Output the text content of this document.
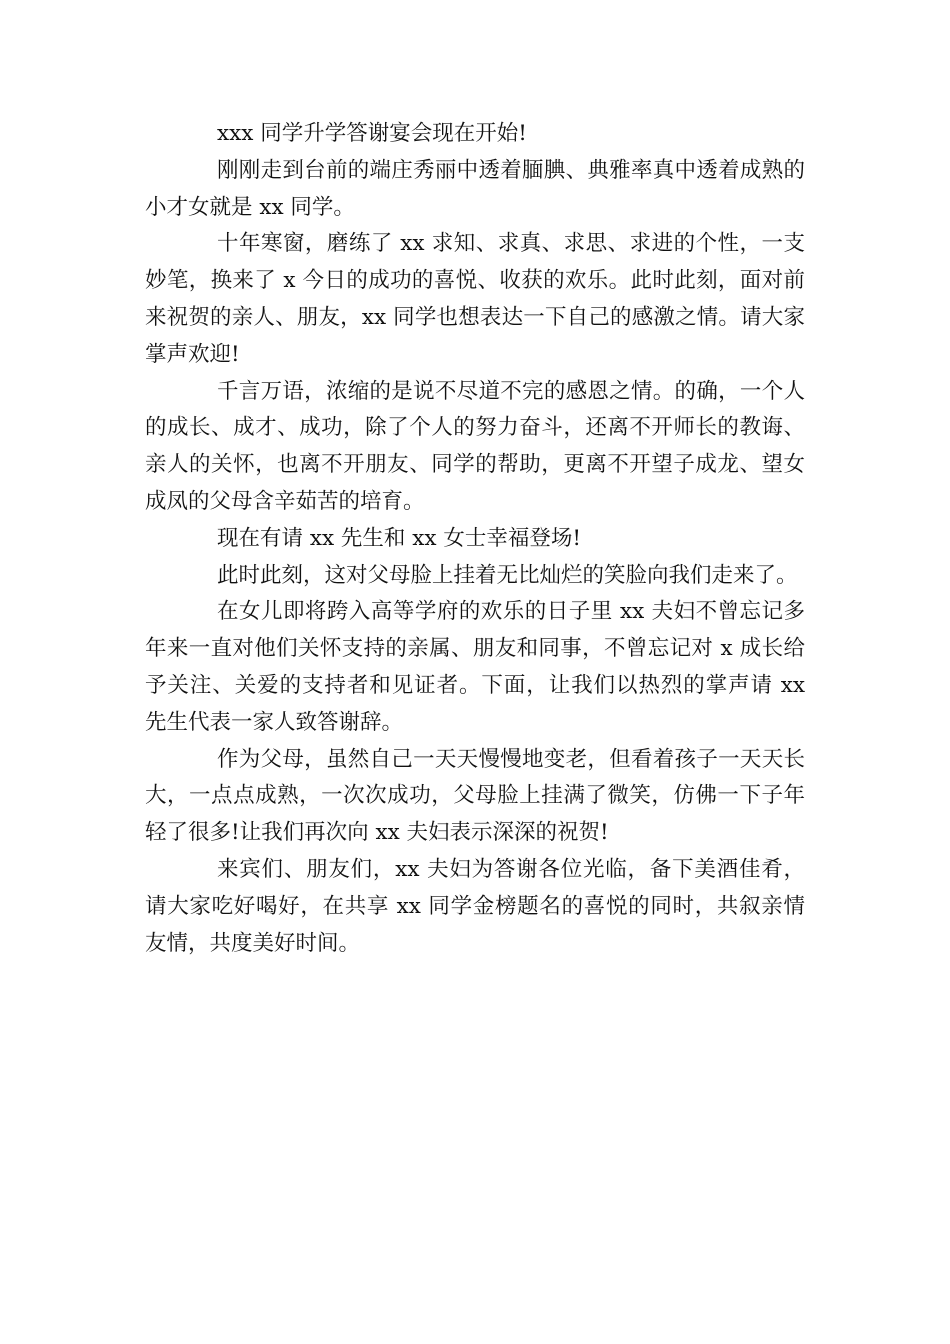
xxx 同学升学答谢宴会现在开始!

刚刚走到台前的端庄秀丽中透着腼腆、典雅率真中透着成熟的小才女就是 xx 同学。

十年寒窗，磨练了 xx 求知、求真、求思、求进的个性，一支妙笔，换来了 x 今日的成功的喜悦、收获的欢乐。此时此刻，面对前来祝贺的亲人、朋友，xx 同学也想表达一下自己的感激之情。请大家掌声欢迎!

千言万语，浓缩的是说不尽道不完的感恩之情。的确，一个人的成长、成才、成功，除了个人的努力奋斗，还离不开师长的教诲、亲人的关怀，也离不开朋友、同学的帮助，更离不开望子成龙、望女成凤的父母含辛茹苦的培育。

现在有请 xx 先生和 xx 女士幸福登场!

此时此刻，这对父母脸上挂着无比灿烂的笑脸向我们走来了。

在女儿即将跨入高等学府的欢乐的日子里 xx 夫妇不曾忘记多年来一直对他们关怀支持的亲属、朋友和同事，不曾忘记对 x 成长给予关注、关爱的支持者和见证者。下面，让我们以热烈的掌声请 xx 先生代表一家人致答谢辞。

作为父母，虽然自己一天天慢慢地变老，但看着孩子一天天长大，一点点成熟，一次次成功，父母脸上挂满了微笑，仿佛一下子年轻了很多!让我们再次向 xx 夫妇表示深深的祝贺!

来宾们、朋友们，xx 夫妇为答谢各位光临，备下美酒佳肴，请大家吃好喝好，在共享 xx 同学金榜题名的喜悦的同时，共叙亲情友情，共度美好时间。
